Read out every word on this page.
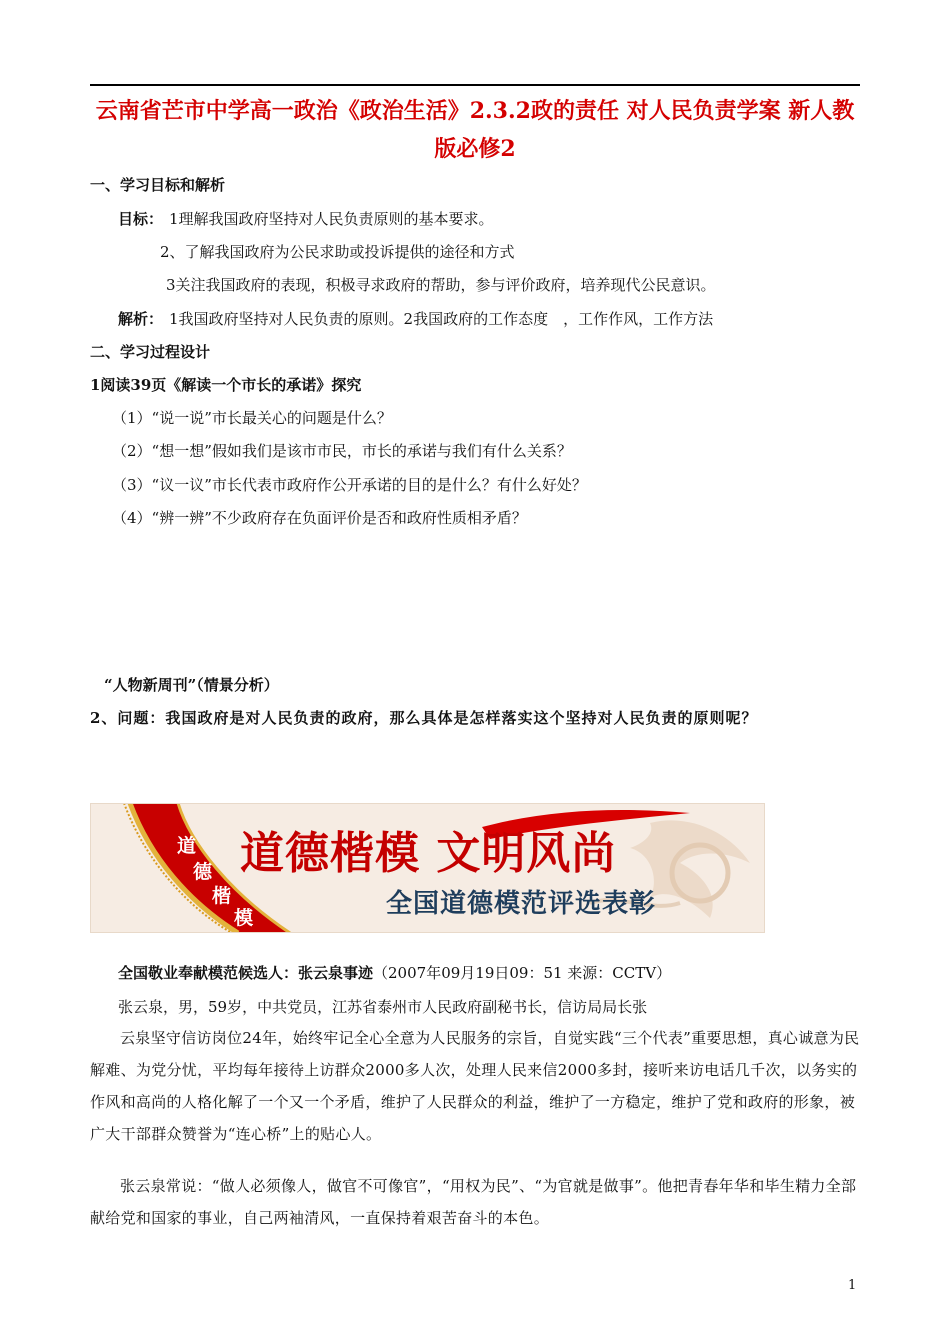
云南省芒市中学高一政治《政治生活》2.3.2政的责任 对人民负责学案 新人教
版必修2
一、学习目标和解析
目标： 1理解我国政府坚持对人民负责原则的基本要求。
2、了解我国政府为公民求助或投诉提供的途径和方式
3关注我国政府的表现，积极寻求政府的帮助，参与评价政府，培养现代公民意识。
解析： 1我国政府坚持对人民负责的原则。2我国政府的工作态度　，工作作风，工作方法
二、学习过程设计
1阅读39页《解读一个市长的承诺》探究
（1）“说一说”市长最关心的问题是什么？
（2）“想一想”假如我们是该市市民，市长的承诺与我们有什么关系？
（3）“议一议”市长代表市政府作公开承诺的目的是什么？有什么好处？
（4）“辨一辨”不少政府存在负面评价是否和政府性质相矛盾？
“人物新周刊”（情景分析）
2、问题：我国政府是对人民负责的政府，那么具体是怎样落实这个坚持对人民负责的原则呢？
道
德
楷
模
道德楷模 文明风尚
全国道德模范评选表彰
全国敬业奉献模范候选人：张云泉事迹（2007年09月19日09：51 来源：CCTV）
张云泉，男，59岁，中共党员，江苏省泰州市人民政府副秘书长，信访局局长张
云泉坚守信访岗位24年，始终牢记全心全意为人民服务的宗旨，自觉实践“三个代表”重要思想，真心诚意为民解难、为党分忧，平均每年接待上访群众2000多人次，处理人民来信2000多封，接听来访电话几千次，以务实的作风和高尚的人格化解了一个又一个矛盾，维护了人民群众的利益，维护了一方稳定，维护了党和政府的形象，被广大干部群众赞誉为“连心桥”上的贴心人。
张云泉常说：“做人必须像人，做官不可像官”，“用权为民”、“为官就是做事”。他把青春年华和毕生精力全部献给党和国家的事业，自己两袖清风，一直保持着艰苦奋斗的本色。
1
